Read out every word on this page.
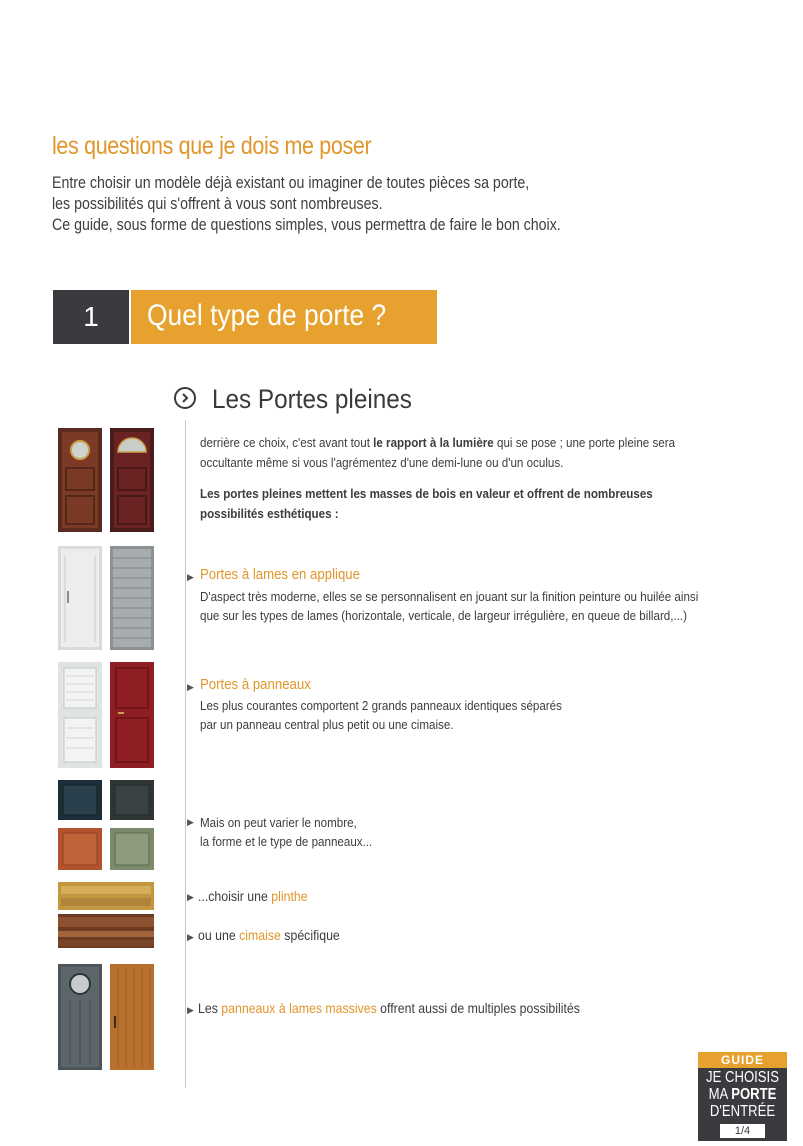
les questions que je dois me poser
Entre choisir un modèle déjà existant ou imaginer de toutes pièces sa porte,
les possibilités qui s'offrent à vous sont nombreuses.
Ce guide, sous forme de questions simples, vous permettra de faire le bon choix.
1	Quel type de porte ?
Les Portes pleines
derrière ce choix, c'est avant tout le rapport à la lumière qui se pose ; une porte pleine sera
occultante même si vous l'agrémentez d'une demi-lune ou d'un oculus.
Les portes pleines mettent les masses de bois en valeur et offrent de nombreuses
possibilités esthétiques :
▶ Portes à lames en applique
D'aspect très moderne, elles se se personnalisent en jouant sur la finition peinture ou huilée ainsi
que sur les types de lames (horizontale, verticale, de largeur irrégulière, en queue de billard,...)
▶ Portes à panneaux
Les plus courantes comportent 2 grands panneaux identiques séparés
par un panneau central plus petit ou une cimaise.
▶ Mais on peut varier le nombre,
la forme et le type de panneaux...
▶ ...choisir une plinthe
▶ ou une cimaise spécifique
▶ Les panneaux à lames massives offrent aussi de multiples possibilités
GUIDE
JE CHOISIS
MA PORTE
D'ENTRÉE
1/4
